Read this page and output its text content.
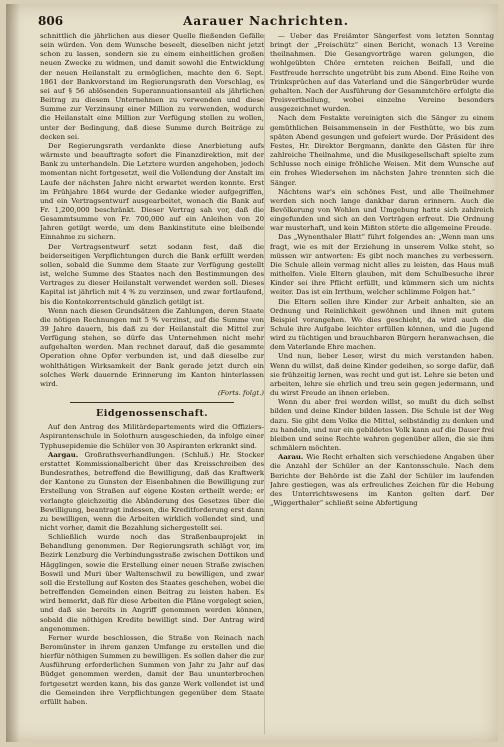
806	Aarauer Nachrichten.

schnittlich die jährlichen aus dieser Quelle fließenden Gefälle sein würden. Von dem Wunsche beseelt, dieselben nicht jetzt schon zu lassen, sondern sie zu einem einheitlichen großen neuen Zwecke zu widmen, und damit sowohl die Entwicklung der neuen Heilanstalt zu ermöglichen, machte den 6. Sept. 1861 der Bankvorstand im Regierungsrath den Vorschlag, es sei auf § 56 ablösenden Superannuationsanteil als jährlichen Beitrag zu diesem Unternehmen zu verwenden und diese Summe zur Verzinsung einer Million zu verwenden, wodurch die Heilanstalt eine Million zur Verfügung stellen zu wollen, unter der Bedingung, daß diese Summe durch Beiträge zu decken sei.

Der Regierungsrath verdankte diese Anerbietung aufs wärmste und beauftragte sofort die Finanzdirektion, mit der Bank zu unterhandeln. Die Letztere wurden angehoben, jedoch momentan nicht fortgesetzt, weil die Vollendung der Anstalt im Laufe der nächsten Jahre nicht erwartet werden konnte. Erst im Frühjahre 1864 wurde der Gedanke wieder aufgegriffen, und ein Vertragsentwurf ausgearbeitet, wonach die Bank auf Fr. 1,200,000 beschränkt. Dieser Vertrag sah vor, daß die Gesammtsumme von Fr. 700,000 auf ein Anleihen von 20 Jahren getilgt werde, um dem Bankinstitute eine bleibende Einnahme zu sichern.

Der Vertragsentwurf setzt sodann fest, daß die beiderseitigen Verpflichtungen durch die Bank erfüllt werden sollen, sobald die Summe dem Staate zur Verfügung gestellt ist, welche Summe des Staates nach den Bestimmungen des Vertrages zu dieser Heilanstalt verwendet werden soll. Dieses Kapital ist jährlich mit 4 % zu verzinsen, und zwar fortlaufend, bis die Kontokorrentschuld gänzlich getilgt ist.

Wenn nach diesen Grundsätzen die Zahlungen, deren Staate die nötigen Rechnungen mit 5 % verzinst, auf die Summe von 39 Jahre dauern, bis daß zu der Heilanstalt die Mittel zur Verfügung stehen, so dürfe das Unternehmen nicht mehr aufgehalten werden. Man rechnet darauf, daß die gesammte Operation ohne Opfer verbunden ist, und daß dieselbe zur wohlthätigen Wirksamkeit der Bank gerade jetzt durch ein solches Werk dauernde Erinnerung im Kanton hinterlassen wird.

(Forts. folgt.)

Eidgenossenschaft.

Auf den Antrag des Militärdepartements wird die Offiziers-Aspirantenschule in Solothurn ausgeschieden, da infolge einer Typhusepidemie die Schüler von 30 Aspiranten erkrankt sind.

Aargau. Großrathsverhandlungen. (Schluß.) Hr. Stocker erstattet Kommissionalbericht über das Kreisschreiben des Bundesrathes, betreffend die Bewilligung, daß das Kraftwerk der Kantone zu Gunsten der Eisenbahnen die Bewilligung zur Erstellung von Straßen auf eigene Kosten ertheilt werde; er verlangte gleichzeitig die Abänderung des Gesetzes über die Bewilligung, beantragt indessen, die Kreditforderung erst dann zu bewilligen, wenn die Arbeiten wirklich vollendet sind, und nicht vorher, damit die Bezahlung sichergestellt sei.

Schließlich wurde noch das Straßenbauprojekt in Behandlung genommen. Der Regierungsrath schlägt vor, im Bezirk Lenzburg die Verbindungsstraße zwischen Dottikon und Hägglingen, sowie die Erstellung einer neuen Straße zwischen Boswil und Muri über Waltenschwil zu bewilligen, und zwar soll die Erstellung auf Kosten des Staates geschehen, wobei die betreffenden Gemeinden einen Beitrag zu leisten haben. Es wird bemerkt, daß für diese Arbeiten die Pläne vorgelegt seien, und daß sie bereits in Angriff genommen werden können, sobald die nöthigen Kredite bewilligt sind. Der Antrag wird angenommen.

Ferner wurde beschlossen, die Straße von Reinach nach Beromünster in ihrem ganzen Umfange zu erstellen und die hierfür nöthigen Summen zu bewilligen. Es sollen daher die zur Ausführung erforderlichen Summen von Jahr zu Jahr auf das Büdget genommen werden, damit der Bau ununterbrochen fortgesetzt werden kann, bis das ganze Werk vollendet ist und die Gemeinden ihre Verpflichtungen gegenüber dem Staate erfüllt haben.

— Ueber das Freiämter Sängerfest vom letzten Sonntag bringt der „Freischütz“ einen Bericht, wonach 13 Vereine theilnahmen. Die Gesangvorträge waren gelungen, die wohlgeübten Chöre ernteten reichen Beifall, und die Festfreude herrschte ungetrübt bis zum Abend. Eine Reihe von Trinksprüchen auf das Vaterland und die Sängerbrüder wurde gehalten. Nach der Ausführung der Gesammtchöre erfolgte die Preisvertheilung, wobei einzelne Vereine besonders ausgezeichnet wurden.

Nach dem Festakte vereinigten sich die Sänger zu einem gemüthlichen Beisammensein in der Festhütte, wo bis zum späten Abend gesungen und gefeiert wurde. Der Präsident des Festes, Hr. Direktor Bergmann, dankte den Gästen für ihre zahlreiche Theilnahme, und die Musikgesellschaft spielte zum Schlusse noch einige fröhliche Weisen. Mit dem Wunsche auf ein frohes Wiedersehen im nächsten Jahre trennten sich die Sänger.

Nächtens war's ein schönes Fest, und alle Theilnehmer werden sich noch lange dankbar daran erinnern. Auch die Bevölkerung von Wohlen und Umgebung hatte sich zahlreich eingefunden und sich an den Vorträgen erfreut. Die Ordnung war musterhaft, und kein Mißton störte die allgemeine Freude.

Das „Wynenthaler Blatt“ führt folgendes an: „Wenn man uns fragt, wie es mit der Erziehung in unserem Volke steht, so müssen wir antworten: Es gibt noch manches zu verbessern. Die Schule allein vermag nicht alles zu leisten, das Haus muß mithelfen. Viele Eltern glauben, mit dem Schulbesuche ihrer Kinder sei ihre Pflicht erfüllt, und kümmern sich um nichts weiter. Das ist ein Irrthum, welcher schlimme Folgen hat.“

Die Eltern sollen ihre Kinder zur Arbeit anhalten, sie an Ordnung und Reinlichkeit gewöhnen und ihnen mit gutem Beispiel vorangehen. Wo dies geschieht, da wird auch die Schule ihre Aufgabe leichter erfüllen können, und die Jugend wird zu tüchtigen und brauchbaren Bürgern heranwachsen, die dem Vaterlande Ehre machen.

Und nun, lieber Leser, wirst du mich verstanden haben. Wenn du willst, daß deine Kinder gedeihen, so sorge dafür, daß sie frühzeitig lernen, was recht und gut ist. Lehre sie beten und arbeiten, lehre sie ehrlich und treu sein gegen jedermann, und du wirst Freude an ihnen erleben.

Wenn du aber frei werden willst, so mußt du dich selbst bilden und deine Kinder bilden lassen. Die Schule ist der Weg dazu. Sie gibt dem Volke die Mittel, selbständig zu denken und zu handeln, und nur ein gebildetes Volk kann auf die Dauer frei bleiben und seine Rechte wahren gegenüber allen, die sie ihm schmälern möchten.

Aarau. Wie Recht erhalten sich verschiedene Angaben über die Anzahl der Schüler an der Kantonsschule. Nach dem Berichte der Behörde ist die Zahl der Schüler im laufenden Jahre gestiegen, was als erfreuliches Zeichen für die Hebung des Unterrichtswesens im Kanton gelten darf. Der „Wiggerthaler“ schließt seine Abfertigung
